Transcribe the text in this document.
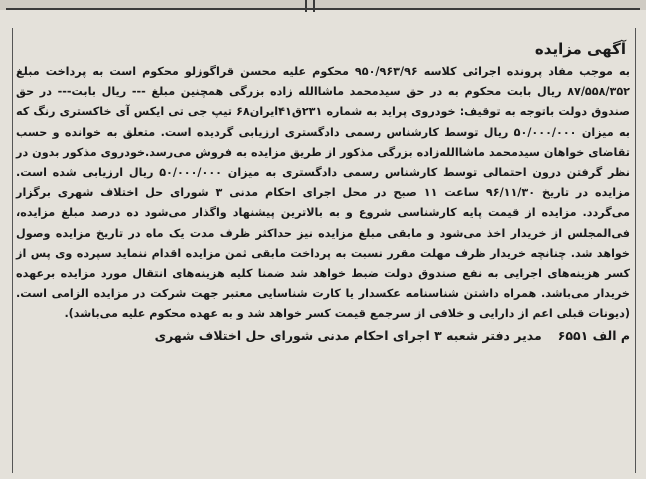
آگهی مزایده

به موجب مفاد پرونده اجرائی کلاسه ۹۵۰/۹۶۳/۹۶ محکوم علیه محسن قراگوزلو محکوم است به پرداخت مبلغ ۸۷/۵۵۸/۳۵۲ ریال بابت محکوم به در حق سیدمحمد ماشاالله زاده بزرگی همچنین مبلغ --- ریال بابت--- در حق صندوق دولت باتوجه به توقیف: خودروی پراید به شماره ۲۳۱ق۴۱ایران۶۸ تیپ جی تی ایکس آی خاکستری رنگ که به میزان ۵۰/۰۰۰/۰۰۰ ریال توسط کارشناس رسمی دادگستری ارزیابی گردیده است. متعلق به خوانده و حسب تقاضای خواهان سیدمحمد ماشاالله‌زاده بزرگی مذکور از طریق مزایده به فروش می‌رسد.خودروی مذکور بدون در نظر گرفتن درون احتمالی توسط کارشناس رسمی دادگستری به میزان ۵۰/۰۰۰/۰۰۰ ریال ارزیابی شده است. مزایده در تاریخ ۹۶/۱۱/۳۰ ساعت ۱۱ صبح در محل اجرای احکام مدنی ۳ شورای حل اختلاف شهری برگزار می‌گردد. مزایده از قیمت پایه کارشناسی شروع و به بالاترین پیشنهاد واگذار می‌شود ده درصد مبلغ مزایده، فی‌المجلس از خریدار اخذ می‌شود و مابقی مبلغ مزایده نیز حداکثر ظرف مدت یک ماه در تاریخ مزایده وصول خواهد شد. چنانچه خریدار ظرف مهلت مقرر نسبت به پرداخت مابقی ثمن مزایده اقدام ننماید سپرده وی پس از کسر هزینه‌های اجرایی به نفع صندوق دولت ضبط خواهد شد ضمنا کلیه هزینه‌های انتقال مورد مزایده برعهده خریدار می‌باشد. همراه داشتن شناسنامه عکسدار یا کارت شناسایی معتبر جهت شرکت در مزایده الزامی است. (دیونات قبلی اعم از دارایی و خلافی از سرجمع قیمت کسر خواهد شد و به عهده محکوم علیه می‌باشد).

م الف ۶۵۵۱
مدیر دفتر شعبه ۳ اجرای احکام مدنی شورای حل اختلاف شهری
